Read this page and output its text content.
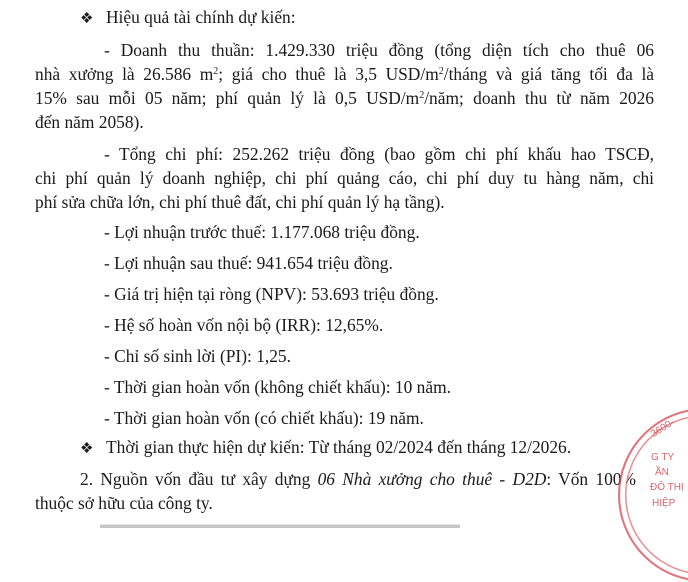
❖ Hiệu quả tài chính dự kiến:
- Doanh thu thuần: 1.429.330 triệu đồng (tổng diện tích cho thuê 06
nhà xưởng là 26.586 $m^2$; giá cho thuê là 3,5 USD/$m^2$/tháng và giá tăng tối đa là
15% sau mỗi 05 năm; phí quản lý là 0,5 USD/$m^2$/năm; doanh thu từ năm 2026
đến năm 2058).
- Tổng chi phí: 252.262 triệu đồng (bao gồm chi phí khấu hao TSCĐ,
chi phí quản lý doanh nghiệp, chi phí quảng cáo, chi phí duy tu hàng năm, chi
phí sửa chữa lớn, chi phí thuê đất, chi phí quản lý hạ tầng).
- Lợi nhuận trước thuế: 1.177.068 triệu đồng.
- Lợi nhuận sau thuế: 941.654 triệu đồng.
- Giá trị hiện tại ròng (NPV): 53.693 triệu đồng.
- Hệ số hoàn vốn nội bộ (IRR): 12,65%.
- Chỉ số sinh lời (PI): 1,25.
- Thời gian hoàn vốn (không chiết khấu): 10 năm.
- Thời gian hoàn vốn (có chiết khấu): 19 năm.
❖ Thời gian thực hiện dự kiến: Từ tháng 02/2024 đến tháng 12/2026.
2. Nguồn vốn đầu tư xây dựng 06 Nhà xưởng cho thuê - D2D: Vốn 100%
thuộc sở hữu của công ty.
3600-
G TY
ẦN
ĐÔ THỊ
HIỆP
